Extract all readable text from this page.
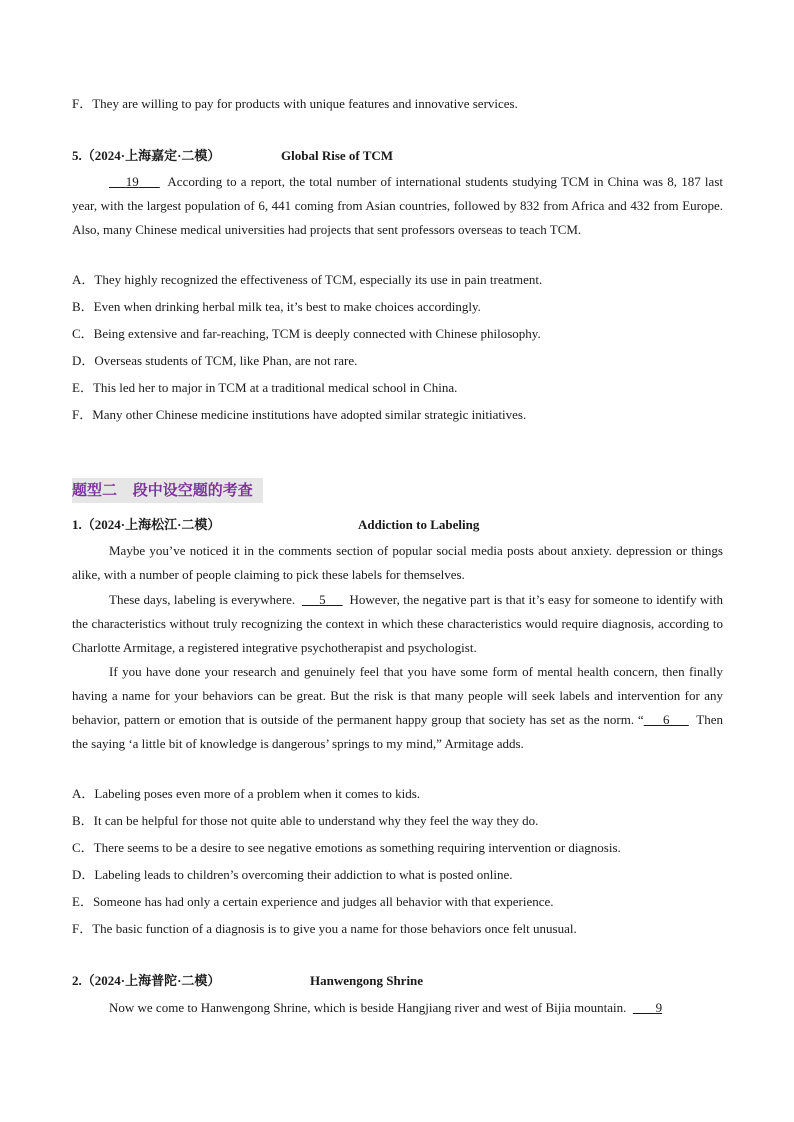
F．They are willing to pay for products with unique features and innovative services.
5.（2024·上海嘉定·二模）	Global Rise of TCM
19 According to a report, the total number of international students studying TCM in China was 8, 187 last year, with the largest population of 6, 441 coming from Asian countries, followed by 832 from Africa and 432 from Europe. Also, many Chinese medical universities had projects that sent professors overseas to teach TCM.
A．They highly recognized the effectiveness of TCM, especially its use in pain treatment.
B．Even when drinking herbal milk tea, it’s best to make choices accordingly.
C．Being extensive and far-reaching, TCM is deeply connected with Chinese philosophy.
D．Overseas students of TCM, like Phan, are not rare.
E．This led her to major in TCM at a traditional medical school in China.
F．Many other Chinese medicine institutions have adopted similar strategic initiatives.
题型二 段中设空题的考查
1.（2024·上海松江·二模）	Addiction to Labeling
Maybe you’ve noticed it in the comments section of popular social media posts about anxiety. depression or things alike, with a number of people claiming to pick these labels for themselves.
These days, labeling is everywhere. 5 However, the negative part is that it’s easy for someone to identify with the characteristics without truly recognizing the context in which these characteristics would require diagnosis, according to Charlotte Armitage, a registered integrative psychotherapist and psychologist.
If you have done your research and genuinely feel that you have some form of mental health concern, then finally having a name for your behaviors can be great. But the risk is that many people will seek labels and intervention for any behavior, pattern or emotion that is outside of the permanent happy group that society has set as the norm. “ 6 Then the saying ‘a little bit of knowledge is dangerous’ springs to my mind,” Armitage adds.
A．Labeling poses even more of a problem when it comes to kids.
B．It can be helpful for those not quite able to understand why they feel the way they do.
C．There seems to be a desire to see negative emotions as something requiring intervention or diagnosis.
D．Labeling leads to children’s overcoming their addiction to what is posted online.
E．Someone has had only a certain experience and judges all behavior with that experience.
F．The basic function of a diagnosis is to give you a name for those behaviors once felt unusual.
2.（2024·上海普陀·二模）	Hanwengong Shrine
Now we come to Hanwengong Shrine, which is beside Hangjiang river and west of Bijia mountain. 9
